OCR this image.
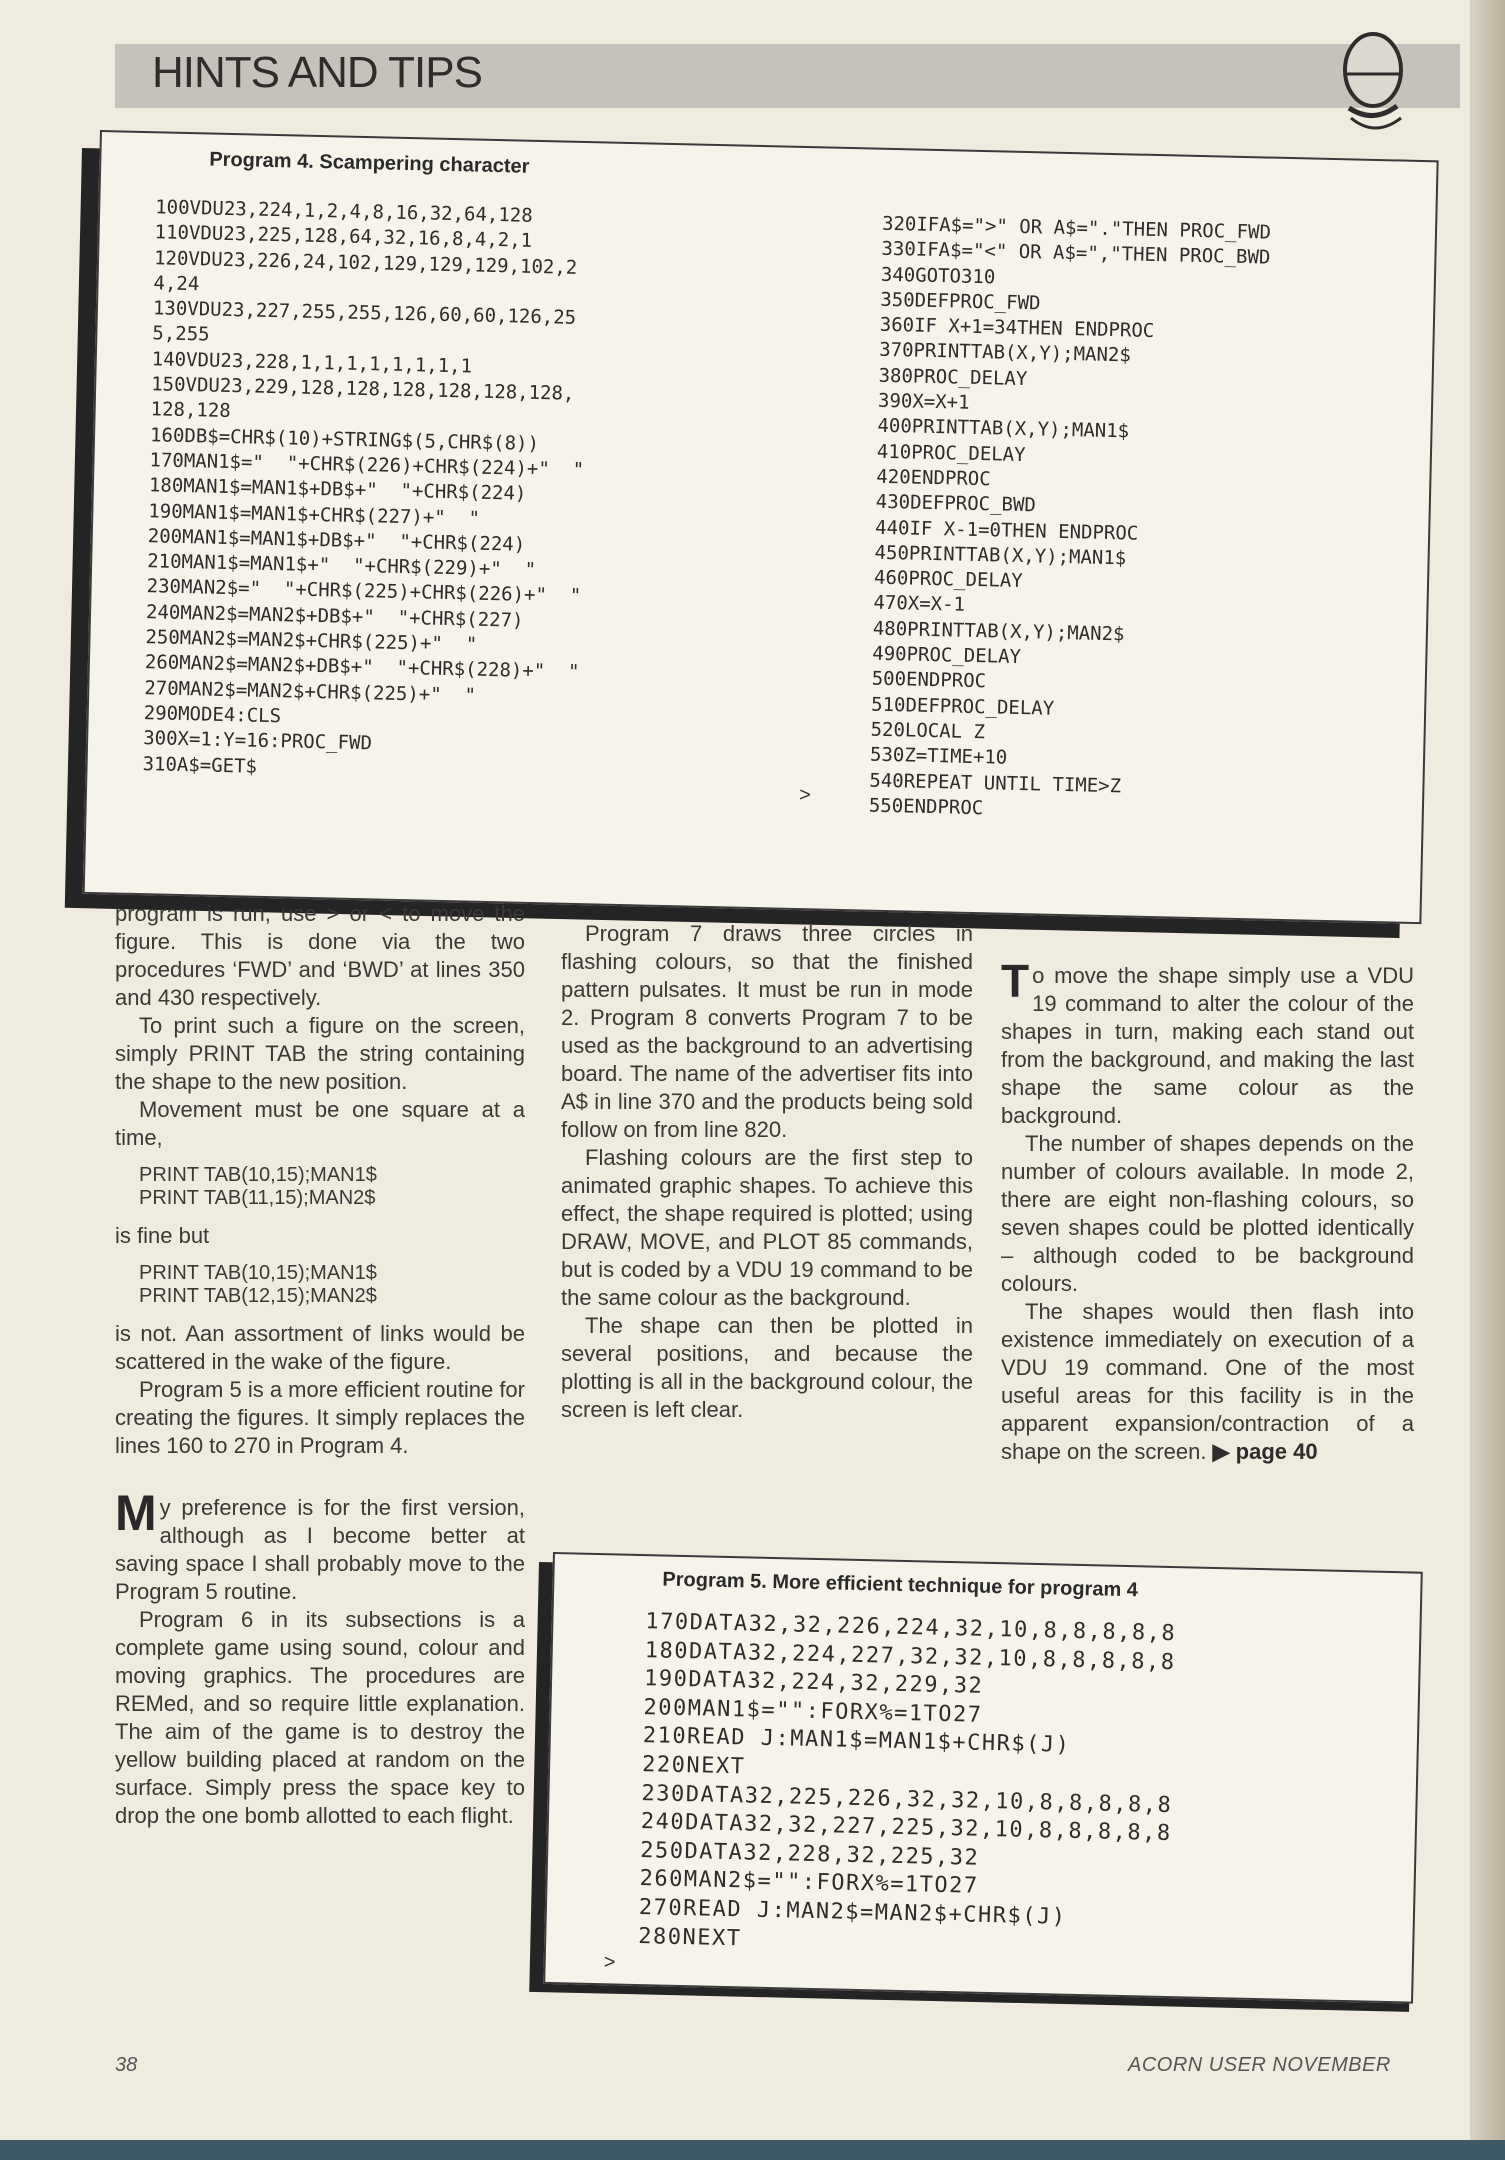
HINTS AND TIPS
Program 4. Scampering character
100VDU23,224,1,2,4,8,16,32,64,128
110VDU23,225,128,64,32,16,8,4,2,1
120VDU23,226,24,102,129,129,129,102,2
4,24
130VDU23,227,255,255,126,60,60,126,25
5,255
140VDU23,228,1,1,1,1,1,1,1,1
150VDU23,229,128,128,128,128,128,128,
128,128
160DB$=CHR$(10)+STRING$(5,CHR$(8))
170MAN1$="  "+CHR$(226)+CHR$(224)+"  "
180MAN1$=MAN1$+DB$+"  "+CHR$(224)
190MAN1$=MAN1$+CHR$(227)+"  "
200MAN1$=MAN1$+DB$+"  "+CHR$(224)
210MAN1$=MAN1$+"  "+CHR$(229)+"  "
230MAN2$="  "+CHR$(225)+CHR$(226)+"  "
240MAN2$=MAN2$+DB$+"  "+CHR$(227)
250MAN2$=MAN2$+CHR$(225)+"  "
260MAN2$=MAN2$+DB$+"  "+CHR$(228)+"  "
270MAN2$=MAN2$+CHR$(225)+"  "
290MODE4:CLS
300X=1:Y=16:PROC_FWD
310A$=GET$
320IFA$=">" OR A$="."THEN PROC_FWD
330IFA$="<" OR A$=","THEN PROC_BWD
340GOTO310
350DEFPROC_FWD
360IF X+1=34THEN ENDPROC
370PRINTTAB(X,Y);MAN2$
380PROC_DELAY
390X=X+1
400PRINTTAB(X,Y);MAN1$
410PROC_DELAY
420ENDPROC
430DEFPROC_BWD
440IF X-1=0THEN ENDPROC
450PRINTTAB(X,Y);MAN1$
460PROC_DELAY
470X=X-1
480PRINTTAB(X,Y);MAN2$
490PROC_DELAY
500ENDPROC
510DEFPROC_DELAY
520LOCAL Z
530Z=TIME+10
540REPEAT UNTIL TIME>Z
550ENDPROC
>

program is run, use > or < to move the figure. This is done via the two procedures ‘FWD’ and ‘BWD’ at lines 350 and 430 respectively.

To print such a figure on the screen, simply PRINT TAB the string containing the shape to the new position.

Movement must be one square at a time,

PRINT TAB(10,15);MAN1$
PRINT TAB(11,15);MAN2$

is fine but

PRINT TAB(10,15);MAN1$
PRINT TAB(12,15);MAN2$

is not. Aan assortment of links would be scattered in the wake of the figure.

Program 5 is a more efficient routine for creating the figures. It simply replaces the lines 160 to 270 in Program 4.

My preference is for the first version, although as I become better at saving space I shall probably move to the Program 5 routine.

Program 6 in its subsections is a complete game using sound, colour and moving graphics. The procedures are REMed, and so require little explanation. The aim of the game is to destroy the yellow building placed at random on the surface. Simply press the space key to drop the one bomb allotted to each flight.

Program 7 draws three circles in flashing colours, so that the finished pattern pulsates. It must be run in mode 2. Program 8 converts Program 7 to be used as the background to an advertising board. The name of the advertiser fits into A$ in line 370 and the products being sold follow on from line 820.

Flashing colours are the first step to animated graphic shapes. To achieve this effect, the shape required is plotted; using DRAW, MOVE, and PLOT 85 commands, but is coded by a VDU 19 command to be the same colour as the background.

The shape can then be plotted in several positions, and because the plotting is all in the background colour, the screen is left clear.

To move the shape simply use a VDU 19 command to alter the colour of the shapes in turn, making each stand out from the background, and making the last shape the same colour as the background.

The number of shapes depends on the number of colours available. In mode 2, there are eight non-flashing colours, so seven shapes could be plotted identically – although coded to be background colours.

The shapes would then flash into existence immediately on execution of a VDU 19 command. One of the most useful areas for this facility is in the apparent expansion/contraction of a shape on the screen. ▶ page 40

Program 5. More efficient technique for program 4
170DATA32,32,226,224,32,10,8,8,8,8,8
180DATA32,224,227,32,32,10,8,8,8,8,8
190DATA32,224,32,229,32
200MAN1$="":FORX%=1TO27
210READ J:MAN1$=MAN1$+CHR$(J)
220NEXT
230DATA32,225,226,32,32,10,8,8,8,8,8
240DATA32,32,227,225,32,10,8,8,8,8,8
250DATA32,228,32,225,32
260MAN2$="":FORX%=1TO27
270READ J:MAN2$=MAN2$+CHR$(J)
280NEXT
>
38	ACORN USER NOVEMBER
